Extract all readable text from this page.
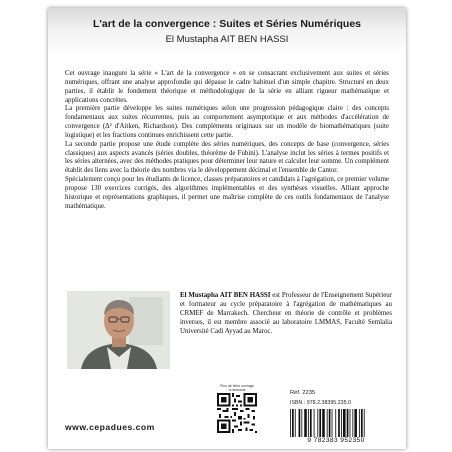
L'art de la convergence : Suites et Séries Numériques
El Mustapha AIT BEN HASSI

Cet ouvrage inaugure la série « L'art de la convergence » en se consacrant exclusivement aux suites et séries numériques, offrant une analyse approfondie qui dépasse le cadre habituel d'un simple chapitre. Structuré en deux parties, il établit le fondement théorique et méthodologique de la série en alliant rigueur mathématique et applications concrètes.

La première partie développe les suites numériques selon une progression pédagogique claire : des concepts fondamentaux aux suites récurrentes, puis au comportement asymptotique et aux méthodes d'accélération de convergence (Δ² d'Aitken, Richardson). Des compléments originaux sur un modèle de biomathématiques (suite logistique) et les fractions continues enrichissent cette partie.

La seconde partie propose une étude complète des séries numériques, des concepts de base (convergence, séries classiques) aux aspects avancés (séries doubles, théorème de Fubini). L'analyse inclut les séries à termes positifs et les séries alternées, avec des méthodes pratiques pour déterminer leur nature et calculer leur somme. Un complément établit des liens avec la théorie des nombres via le développement décimal et l'ensemble de Cantor.

Spécialement conçu pour les étudiants de licence, classes préparatoires et candidats à l'agrégation, ce premier volume propose 130 exercices corrigés, des algorithmes implémentables et des synthèses visuelles. Alliant approche historique et représentations graphiques, il permet une maîtrise complète de ces outils fondamentaux de l'analyse mathématique.

El Mustapha AIT BEN HASSI est Professeur de l'Enseignement Supérieur et formateur au cycle préparatoire à l'agrégation de mathématiques au CRMEF de Marrakech. Chercheur en théorie de contrôle et problèmes inverses, il est membre associé au laboratoire LMMAS, Faculté Semlalia Université Cadi Ayyad au Maroc.
Plus de fiche ouvrage
ci-dessous	Réf. 2235
ISBN : 978.2.38395.235.0
9 782383 952350
www.cepadues.com
